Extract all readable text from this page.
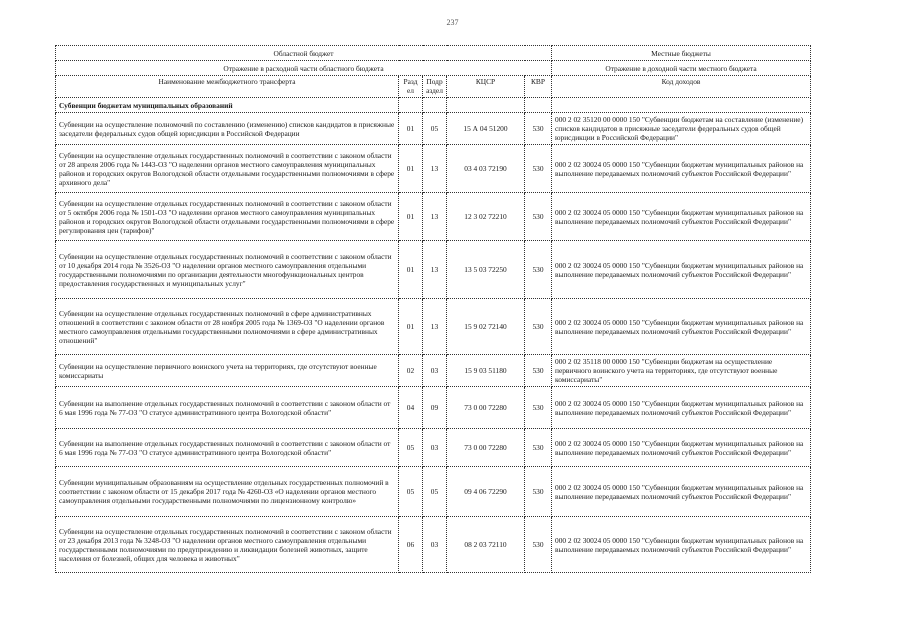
237
Областной бюджет					Местные бюджеты
Отражение в расходной части областного бюджета					Отражение в доходной части местного бюджета
Наименование межбюджетного трансферта	Разд ел	Подр аздел	КЦСР	КВР	Код доходов
Субвенции бюджетам муниципальных образований					
Субвенции на осуществление полномочий по составлению (изменению) списков кандидатов в присяжные заседатели федеральных судов общей юрисдикции в Российской Федерации	01	05	15 А 04 51200	530	000 2 02 35120 00 0000 150 "Субвенции бюджетам на составление (изменение) списков кандидатов в присяжные заседатели федеральных судов общей юрисдикции в Российской Федерации"
Субвенции на осуществление отдельных государственных полномочий в соответствии с законом области от 28 апреля 2006 года № 1443-ОЗ "О наделении органов местного самоуправления муниципальных районов и городских округов Вологодской области отдельными государственными полномочиями в сфере архивного дела"	01	13	03 4 03 72190	530	000 2 02 30024 05 0000 150 "Субвенции бюджетам муниципальных районов на выполнение передаваемых полномочий субъектов Российской Федерации"
Субвенции на осуществление отдельных государственных полномочий в соответствии с законом области от 5 октября 2006 года № 1501-ОЗ "О наделении органов местного самоуправления муниципальных районов и городских округов Вологодской области отдельными государственными полномочиями в сфере регулирования цен (тарифов)"	01	13	12 3 02 72210	530	000 2 02 30024 05 0000 150 "Субвенции бюджетам муниципальных районов на выполнение передаваемых полномочий субъектов Российской Федерации"
Субвенции на осуществление отдельных государственных полномочий в соответствии с законом области от 10 декабря 2014 года № 3526-ОЗ "О наделении органов местного самоуправления отдельными государственными полномочиями по организации деятельности многофункциональных центров предоставления государственных и муниципальных услуг"	01	13	13 5 03 72250	530	000 2 02 30024 05 0000 150 "Субвенции бюджетам муниципальных районов на выполнение передаваемых полномочий субъектов Российской Федерации"
Субвенции на осуществление отдельных государственных полномочий в сфере административных отношений в соответствии с законом области от 28 ноября 2005 года № 1369-ОЗ "О наделении органов местного самоуправления отдельными государственными полномочиями в сфере административных отношений"	01	13	15 9 02 72140	530	000 2 02 30024 05 0000 150 "Субвенции бюджетам муниципальных районов на выполнение передаваемых полномочий субъектов Российской Федерации"
Субвенции на осуществление первичного воинского учета на территориях, где отсутствуют военные комиссариаты	02	03	15 9 03 51180	530	000 2 02 35118 00 0000 150 "Субвенции бюджетам на осуществление первичного воинского учета на территориях, где отсутствуют военные комиссариаты"
Субвенции на выполнение отдельных государственных полномочий в соответствии с законом области от 6 мая 1996 года № 77-ОЗ "О статусе административного центра Вологодской области"	04	09	73 0 00 72280	530	000 2 02 30024 05 0000 150 "Субвенции бюджетам муниципальных районов на выполнение передаваемых полномочий субъектов Российской Федерации"
Субвенции на выполнение отдельных государственных полномочий в соответствии с законом области от 6 мая 1996 года № 77-ОЗ "О статусе административного центра Вологодской области"	05	03	73 0 00 72280	530	000 2 02 30024 05 0000 150 "Субвенции бюджетам муниципальных районов на выполнение передаваемых полномочий субъектов Российской Федерации"
Субвенции муниципальным образованиям на осуществление отдельных государственных полномочий в соответствии с законом области от 15 декабря 2017 года № 4260-ОЗ «О наделении органов местного самоуправления отдельными государственными полномочиями по лицензионному контролю»	05	05	09 4 06 72290	530	000 2 02 30024 05 0000 150 "Субвенции бюджетам муниципальных районов на выполнение передаваемых полномочий субъектов Российской Федерации"
Субвенции на осуществление отдельных государственных полномочий в соответствии с законом области от 23 декабря 2013 года № 3248-ОЗ "О наделении органов местного самоуправления отдельными государственными полномочиями по предупреждению и ликвидации болезней животных, защите населения от болезней, общих для человека и животных"	06	03	08 2 03 72110	530	000 2 02 30024 05 0000 150 "Субвенции бюджетам муниципальных районов на выполнение передаваемых полномочий субъектов Российской Федерации"
